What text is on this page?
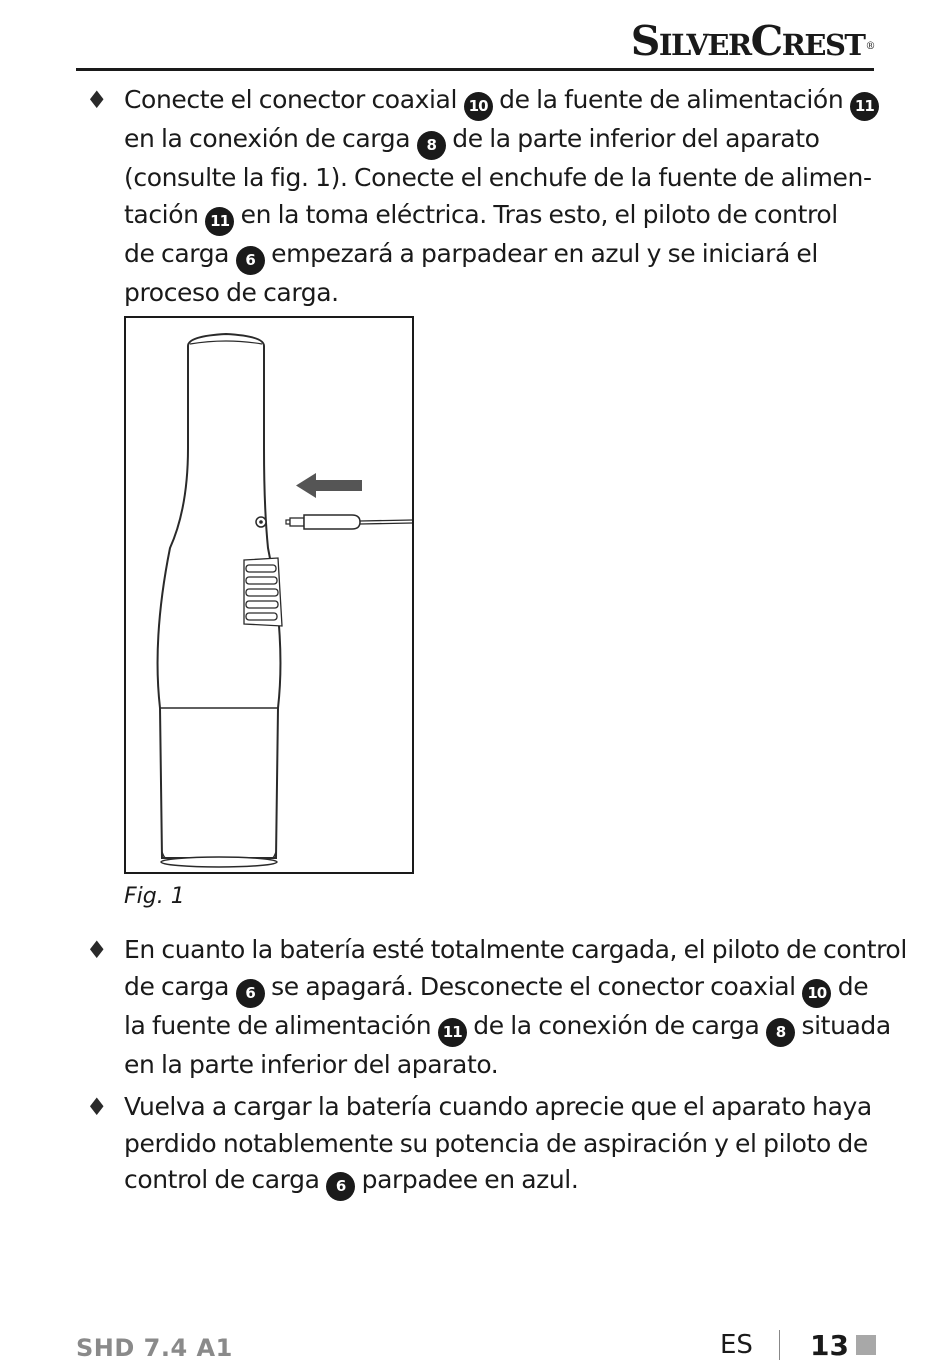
SilverCrest®
♦ Conecte el conector coaxial 10 de la fuente de alimentación 11
en la conexión de carga 8 de la parte inferior del aparato
(consulte la fig. 1). Conecte el enchufe de la fuente de alimen-
tación 11 en la toma eléctrica. Tras esto, el piloto de control
de carga 6 empezará a parpadear en azul y se iniciará el
proceso de carga.
Fig. 1
♦ En cuanto la batería esté totalmente cargada, el piloto de control
de carga 6 se apagará. Desconecte el conector coaxial 10 de
la fuente de alimentación 11 de la conexión de carga 8 situada
en la parte inferior del aparato.
♦ Vuelva a cargar la batería cuando aprecie que el aparato haya
perdido notablemente su potencia de aspiración y el piloto de
control de carga 6 parpadee en azul.
SHD 7.4 A1	ES 13
